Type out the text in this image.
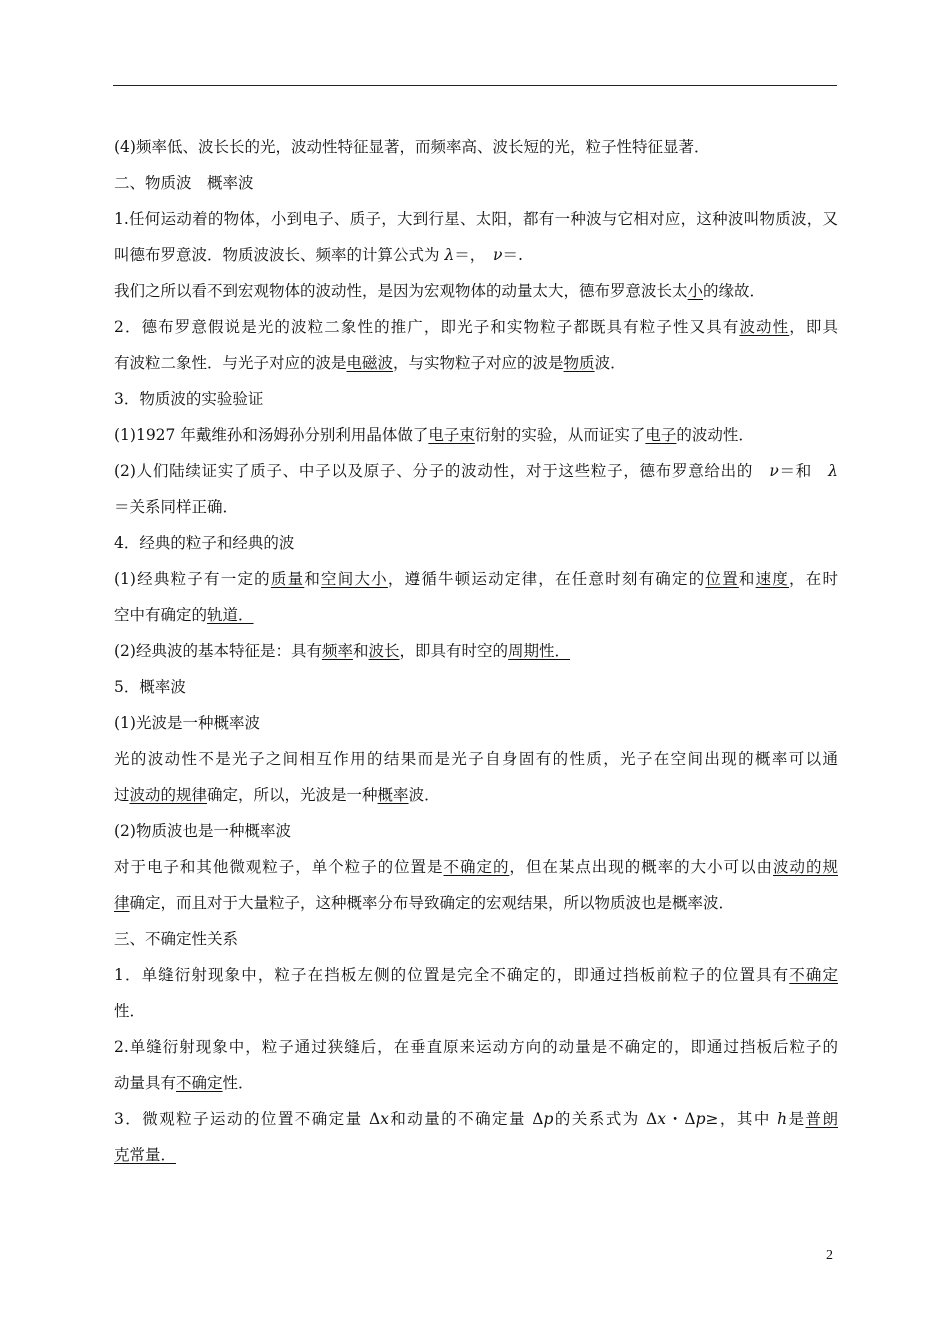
(4)频率低、波长长的光，波动性特征显著，而频率高、波长短的光，粒子性特征显著．
二、物质波　概率波
1.任何运动着的物体，小到电子、质子，大到行星、太阳，都有一种波与它相对应，这种波叫物质波，又
叫德布罗意波．物质波波长、频率的计算公式为 λ＝，　ν＝.
我们之所以看不到宏观物体的波动性，是因为宏观物体的动量太大，德布罗意波长太小的缘故．
2．德布罗意假说是光的波粒二象性的推广，即光子和实物粒子都既具有粒子性又具有波动性，即具
有波粒二象性．与光子对应的波是电磁波，与实物粒子对应的波是物质波．
3．物质波的实验验证
(1)1927 年戴维孙和汤姆孙分别利用晶体做了电子束衍射的实验，从而证实了电子的波动性．
(2)人们陆续证实了质子、中子以及原子、分子的波动性，对于这些粒子，德布罗意给出的　ν＝和　λ
＝关系同样正确．
4．经典的粒子和经典的波
(1)经典粒子有一定的质量和空间大小，遵循牛顿运动定律，在任意时刻有确定的位置和速度，在时
空中有确定的轨道．
(2)经典波的基本特征是：具有频率和波长，即具有时空的周期性．
5．概率波
(1)光波是一种概率波
光的波动性不是光子之间相互作用的结果而是光子自身固有的性质，光子在空间出现的概率可以通
过波动的规律确定，所以，光波是一种概率波．
(2)物质波也是一种概率波
对于电子和其他微观粒子，单个粒子的位置是不确定的，但在某点出现的概率的大小可以由波动的规
律确定，而且对于大量粒子，这种概率分布导致确定的宏观结果，所以物质波也是概率波．
三、不确定性关系
1．单缝衍射现象中，粒子在挡板左侧的位置是完全不确定的，即通过挡板前粒子的位置具有不确定
性．
2.单缝衍射现象中，粒子通过狭缝后，在垂直原来运动方向的动量是不确定的，即通过挡板后粒子的
动量具有不确定性．
3．微观粒子运动的位置不确定量 Δx和动量的不确定量 Δp的关系式为 Δx・Δp≥，其中 h是普朗
克常量．
2
